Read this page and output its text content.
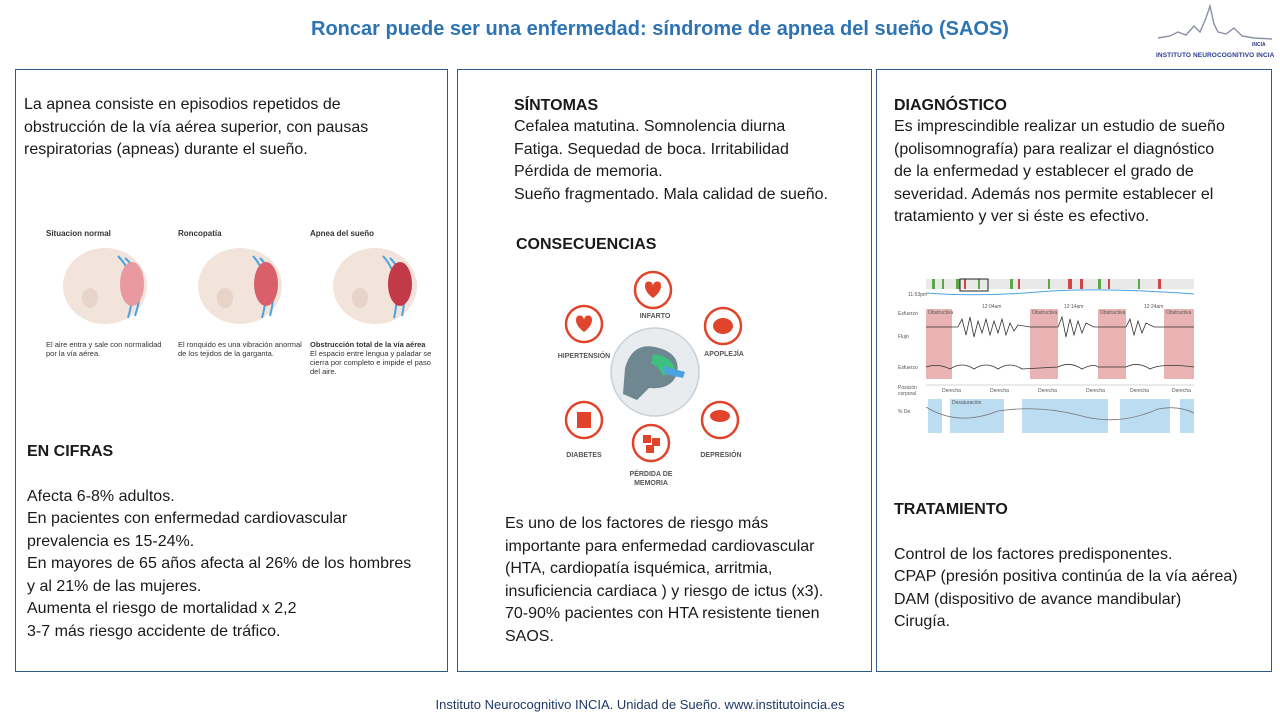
Roncar puede ser una enfermedad: síndrome de apnea del sueño (SAOS)
INCIA
INSTITUTO NEUROCOGNITIVO INCIA
La apnea consiste en episodios repetidos de
obstrucción de la vía aérea superior, con pausas
respiratorias (apneas) durante el sueño.
Situacion normal	Roncopatía	Apnea del sueño
El aire entra y sale con normalidad
por la vía aérea.
El ronquido es una vibración anormal
de los tejidos de la garganta.
Obstrucción total de la vía aérea
El espacio entre lengua y paladar se
cierra por completo e impide el paso
del aire.
EN CIFRAS
Afecta 6-8% adultos.
En pacientes con enfermedad cardiovascular
prevalencia es 15-24%.
En mayores de 65 años afecta al 26% de los hombres
y al 21% de las mujeres.
Aumenta el riesgo de mortalidad x 2,2
3-7 más riesgo accidente de tráfico.
SÍNTOMAS
Cefalea matutina. Somnolencia diurna
Fatiga. Sequedad de boca. Irritabilidad
Pérdida de memoria.
Sueño fragmentado. Mala calidad de sueño.
CONSECUENCIAS
INFARTO
HIPERTENSIÓN	APOPLEJÍA
DIABETES	DEPRESIÓN
PÉRDIDA DE
MEMORIA
Es uno de los factores de riesgo más
importante para enfermedad cardiovascular
(HTA, cardiopatía isquémica, arritmia,
insuficiencia cardiaca ) y riesgo de ictus (x3).
70-90% pacientes con HTA resistente tienen
SAOS.
DIAGNÓSTICO
Es imprescindible realizar un estudio de sueño
(polisomnografía) para realizar el diagnóstico
de la enfermedad y establecer el grado de
severidad. Además nos permite establecer el
tratamiento y ver si éste es efectivo.
Esfuerzo
Flujo
Esfuerzo
Posición corporal
% De
Obstructiva	Obstructiva	Obstructiva	Obstructiva
Derecha	Derecha	Derecha	Derecha	Derecha	Derecha
Desaturación
11:53pm
12:04am	12:14am	12:24am
TRATAMIENTO
Control de los factores predisponentes.
CPAP (presión positiva continúa de la vía aérea)
DAM (dispositivo de avance mandibular)
Cirugía.
Instituto Neurocognitivo INCIA. Unidad de Sueño. www.institutoincia.es
